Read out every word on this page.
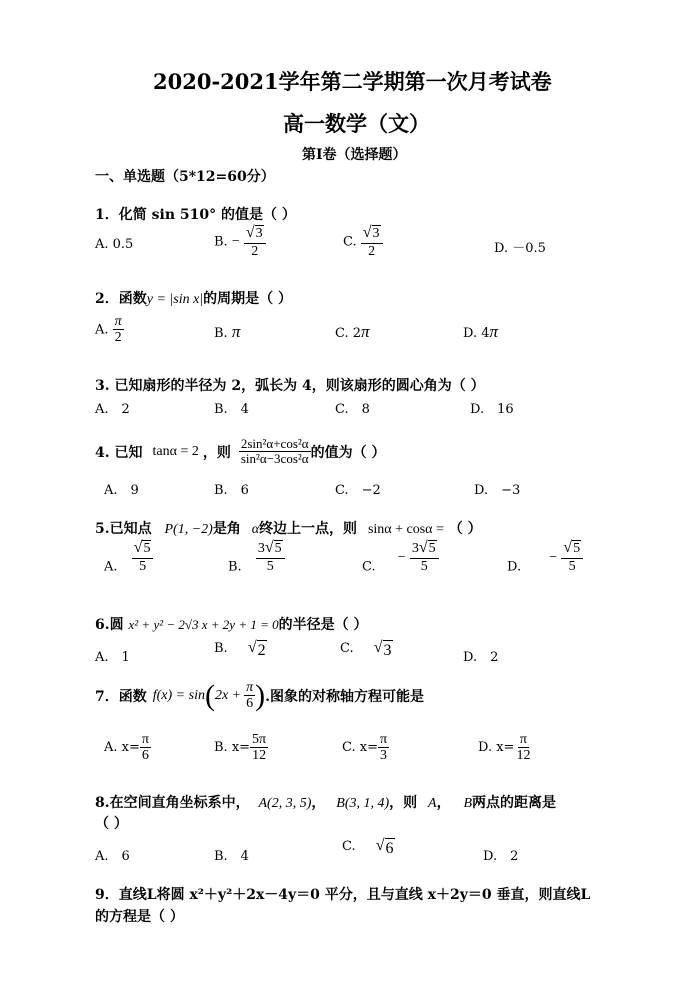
2020-2021学年第二学期第一次月考试卷
高一数学（文）
第I卷（选择题）
一、单选题（5*12=60分）
1．化简 sin 510° 的值是（ ）
A. 0.5	B. − $\frac{√ 3}{2}$	C. $\frac{√ 3}{2}$	D. －0.5
2．函数y = |sin x|的周期是（ ）
A. $\frac{\pi}{2}$	B. π	C. 2π	D. 4π
3. 已知扇形的半径为 2，弧长为 4，则该扇形的圆心角为（ ）
A.　2	B.　4	C.　8	D.　16
4. 已知 tanα = 2 ，则 $\frac{\text{2sin²α+cos²α}}{\text{sin²α−3cos²α}}$ 的值为（ ）
A.　9	B.　6	C.　−2	D.　−3
5.已知点 P(1, −2)是角 α终边上一点，则 sinα + cosα = （ ）
A. $\frac{√ 5}{5}$	B. $\frac{3 √ 5}{5}$	C. − $\frac{3 √ 5}{5}$	D. − $\frac{√ 5}{5}$
6.圆 x² + y² − 2√3 x + 2y + 1 = 0的半径是（ ）
A.　1
B. √ 2	C. √ 3	D.　2
7．函数 f(x) = sin ( $2x + \frac{\pi}{6}$ ) .图象的对称轴方程可能是
A. $x= \frac{\pi}{6}$	B. $x= \frac{5\pi}{12}$	C. $x= \frac{\pi}{3}$	D. $x= \frac{\pi}{12}$
8.在空间直角坐标系中， A(2, 3, 5)， B(3, 1, 4)，则 A， B两点的距离是
（ ）
A.　6	B.　4
C. √ 6	D.　2
9．直线L将圆 x²＋y²＋2x－4y＝0 平分，且与直线 x＋2y＝0 垂直，则直线L
的方程是（ ）
